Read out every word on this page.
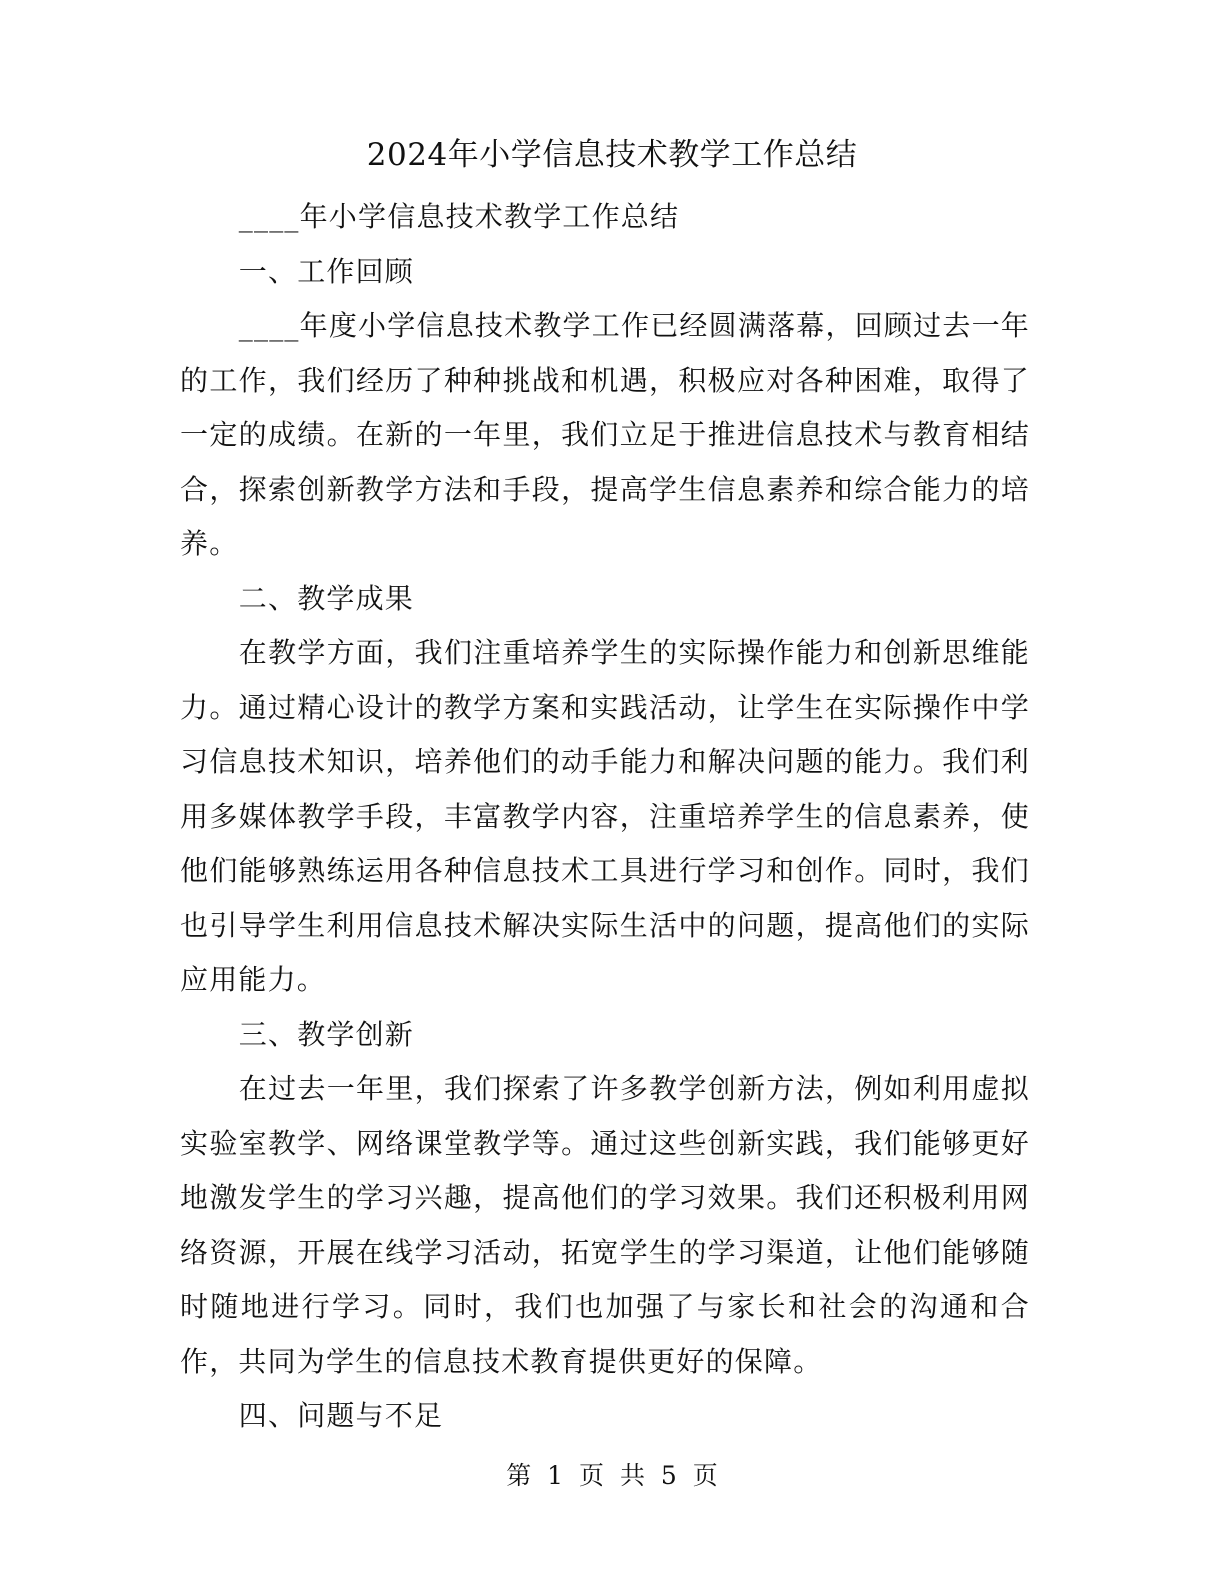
2024年小学信息技术教学工作总结

____年小学信息技术教学工作总结

一、工作回顾

____年度小学信息技术教学工作已经圆满落幕，回顾过去一年的工作，我们经历了种种挑战和机遇，积极应对各种困难，取得了一定的成绩。在新的一年里，我们立足于推进信息技术与教育相结合，探索创新教学方法和手段，提高学生信息素养和综合能力的培养。

二、教学成果

在教学方面，我们注重培养学生的实际操作能力和创新思维能力。通过精心设计的教学方案和实践活动，让学生在实际操作中学习信息技术知识，培养他们的动手能力和解决问题的能力。我们利用多媒体教学手段，丰富教学内容，注重培养学生的信息素养，使他们能够熟练运用各种信息技术工具进行学习和创作。同时，我们也引导学生利用信息技术解决实际生活中的问题，提高他们的实际应用能力。

三、教学创新

在过去一年里，我们探索了许多教学创新方法，例如利用虚拟实验室教学、网络课堂教学等。通过这些创新实践，我们能够更好地激发学生的学习兴趣，提高他们的学习效果。我们还积极利用网络资源，开展在线学习活动，拓宽学生的学习渠道，让他们能够随时随地进行学习。同时，我们也加强了与家长和社会的沟通和合作，共同为学生的信息技术教育提供更好的保障。

四、问题与不足

第 1 页 共 5 页
